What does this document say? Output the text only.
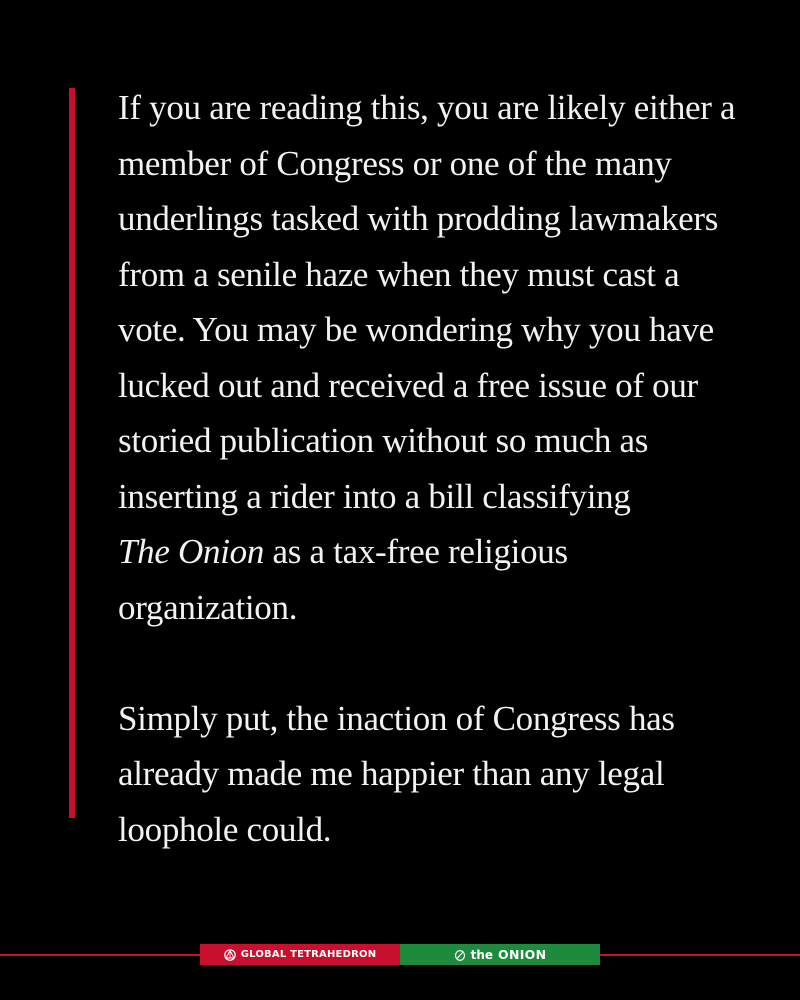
If you are reading this, you are likely either a
member of Congress or one of the many
underlings tasked with prodding lawmakers
from a senile haze when they must cast a
vote. You may be wondering why you have
lucked out and received a free issue of our
storied publication without so much as
inserting a rider into a bill classifying
The Onion as a tax-free religious
organization.
Simply put, the inaction of Congress has
already made me happier than any legal
loophole could.
GLOBAL TETRAHEDRON	the ONION
